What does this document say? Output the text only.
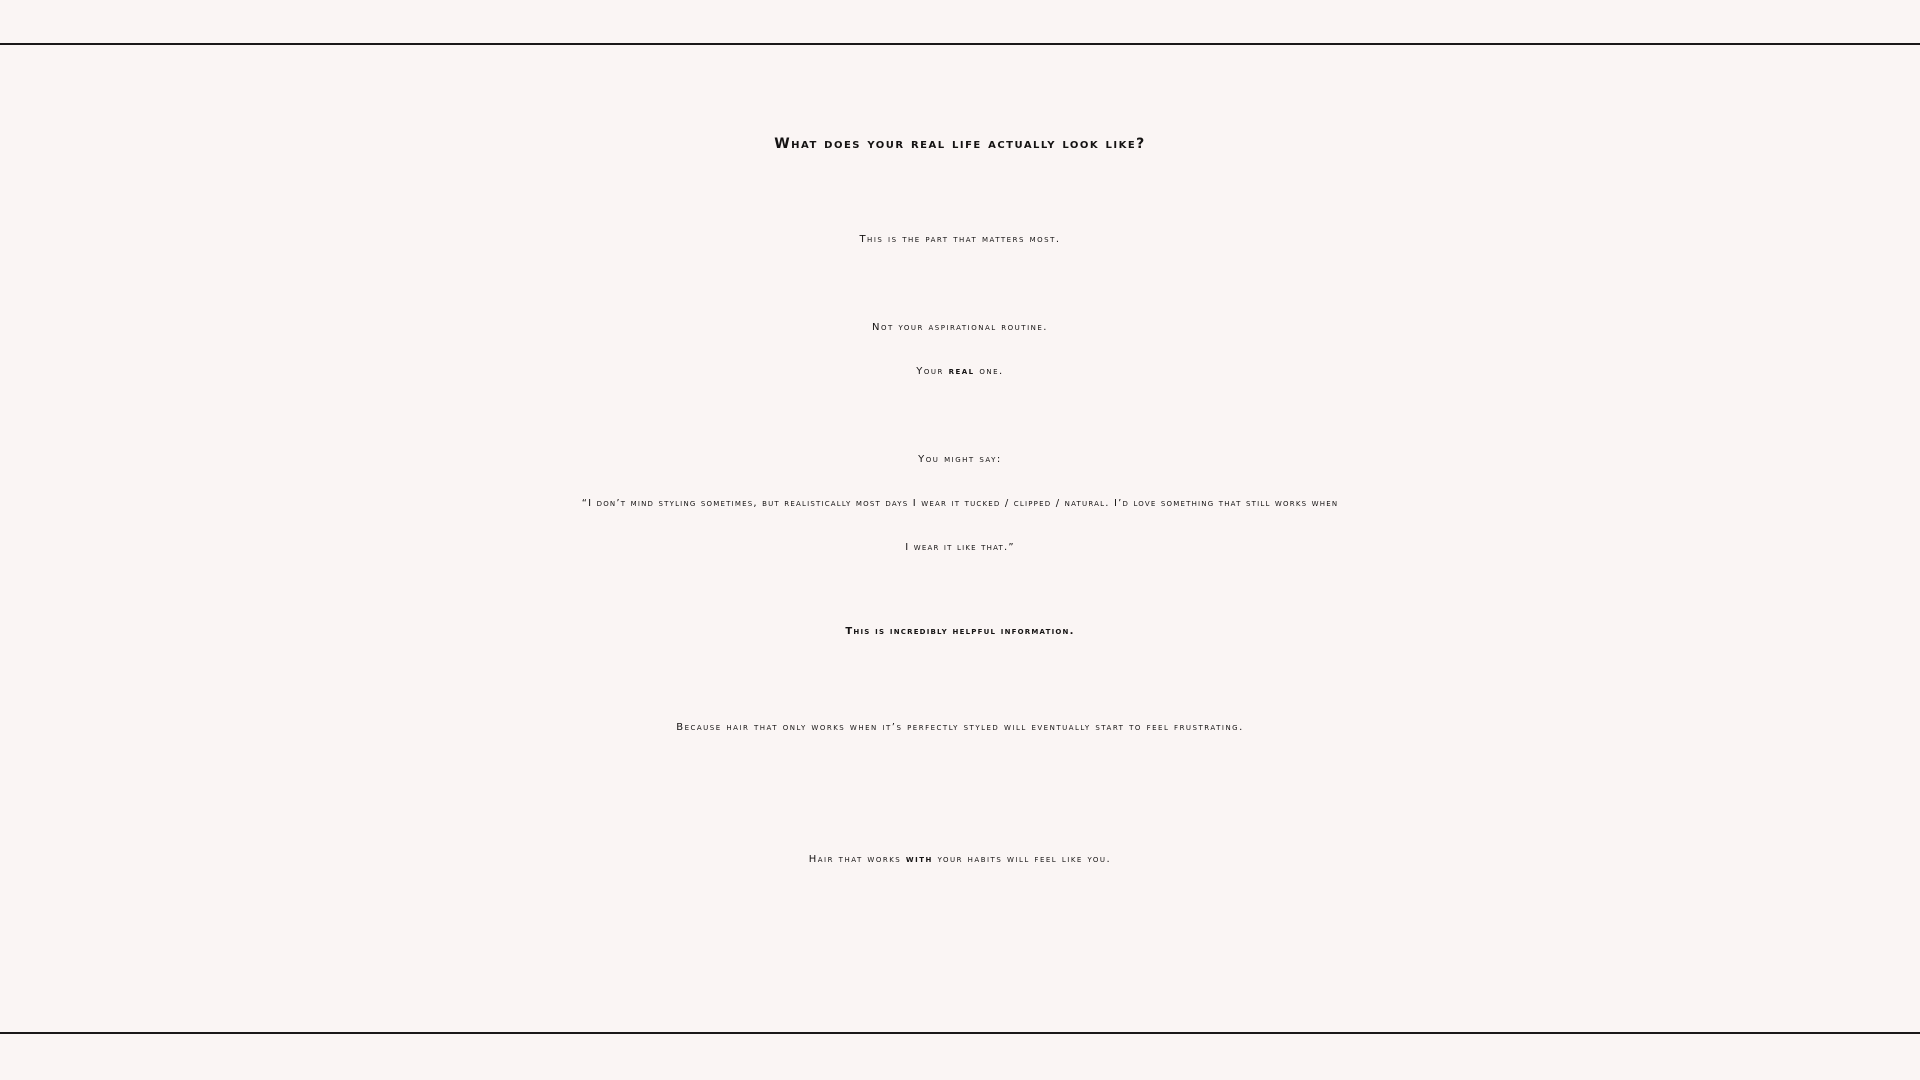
What does your real life actually look like?
This is the part that matters most.
Not your aspirational routine.
Your real one.
You might say:
“I don’t mind styling sometimes, but realistically most days I wear it tucked / clipped / natural. I’d love something that still works when
I wear it like that.”
This is incredibly helpful information.
Because hair that only works when it’s perfectly styled will eventually start to feel frustrating.
Hair that works with your habits will feel like you.
